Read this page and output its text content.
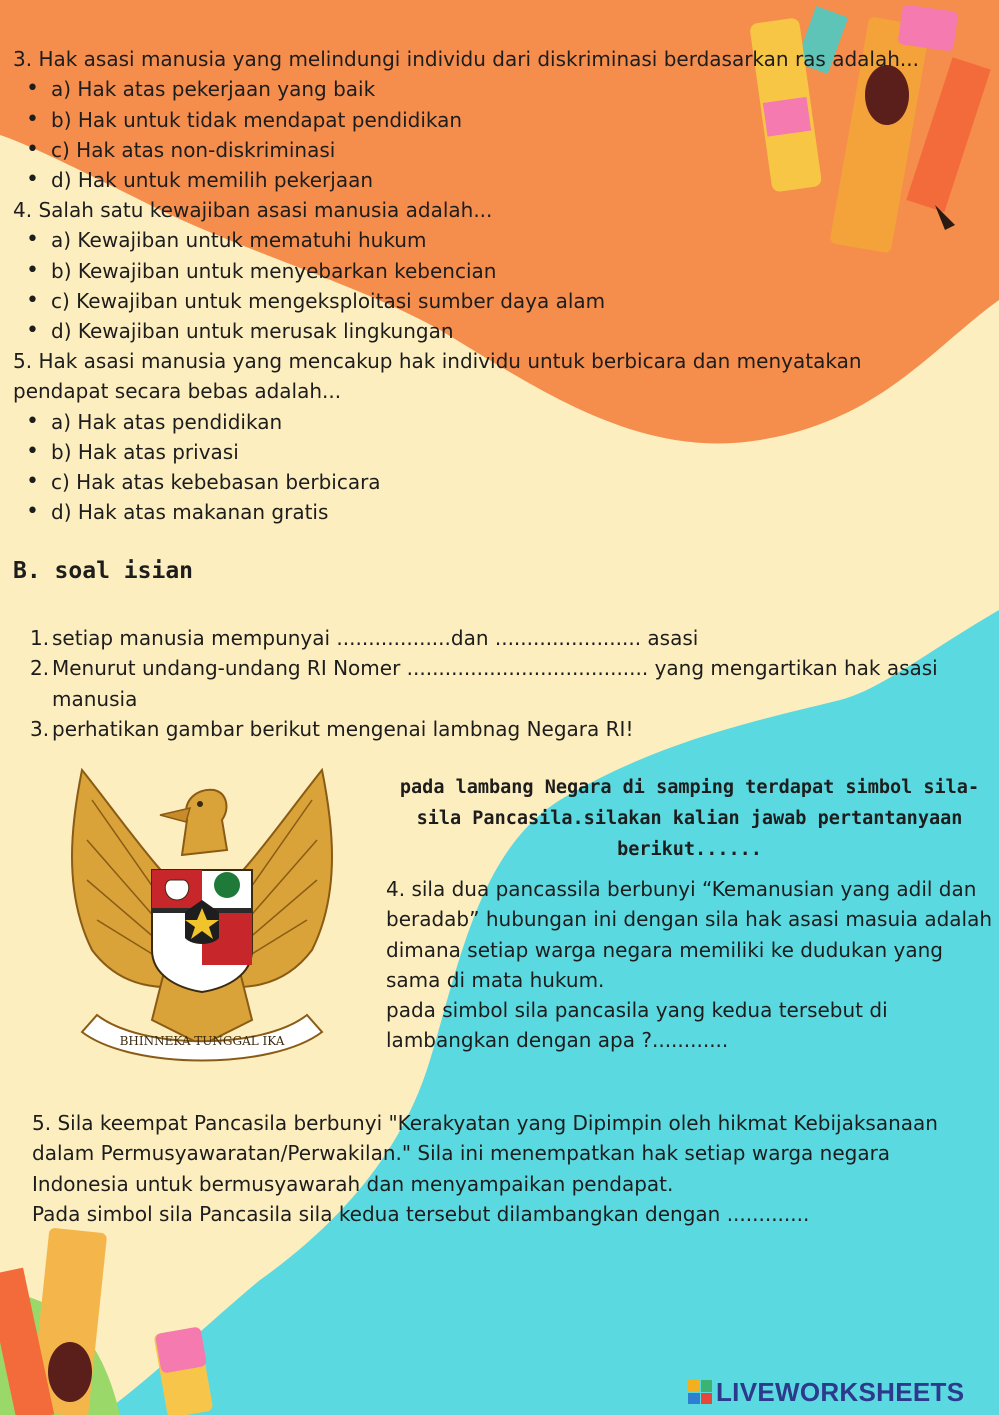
3. Hak asasi manusia yang melindungi individu dari diskriminasi berdasarkan ras adalah...
• a) Hak atas pekerjaan yang baik
• b) Hak untuk tidak mendapat pendidikan
• c) Hak atas non-diskriminasi
• d) Hak untuk memilih pekerjaan
4. Salah satu kewajiban asasi manusia adalah...
• a) Kewajiban untuk mematuhi hukum
• b) Kewajiban untuk menyebarkan kebencian
• c) Kewajiban untuk mengeksploitasi sumber daya alam
• d) Kewajiban untuk merusak lingkungan
5. Hak asasi manusia yang mencakup hak individu untuk berbicara dan menyatakan pendapat secara bebas adalah...
• a) Hak atas pendidikan
• b) Hak atas privasi
• c) Hak atas kebebasan berbicara
• d) Hak atas makanan gratis
B. soal isian
1. setiap manusia mempunyai ..................dan ....................... asasi
2. Menurut undang-undang RI Nomer ...................................... yang mengartikan hak asasi manusia
3. perhatikan gambar berikut mengenai lambnag Negara RI!
BHINNEKA TUNGGAL IKA

pada lambang Negara di samping terdapat simbol sila-sila Pancasila.silakan kalian jawab pertantanyaan berikut......

4. sila dua pancassila berbunyi “Kemanusian yang adil dan beradab” hubungan ini dengan sila hak asasi masuia adalah dimana setiap warga negara memiliki ke dudukan yang sama di mata hukum.
pada simbol sila pancasila yang kedua tersebut di lambangkan dengan apa ?............
5. Sila keempat Pancasila berbunyi "Kerakyatan yang Dipimpin oleh hikmat Kebijaksanaan dalam Permusyawaratan/Perwakilan." Sila ini menempatkan hak setiap warga negara Indonesia untuk bermusyawarah dan menyampaikan pendapat.
Pada simbol sila Pancasila sila kedua tersebut dilambangkan dengan .............
LIVEWORKSHEETS
